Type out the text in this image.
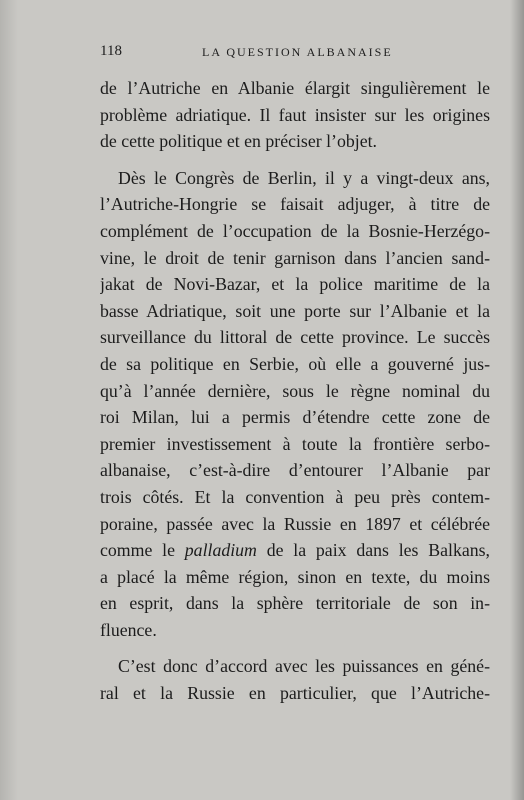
118	LA QUESTION ALBANAISE

de l’Autriche en Albanie élargit singulièrement le
problème adriatique. Il faut insister sur les origines
de cette politique et en préciser l’objet.

Dès le Congrès de Berlin, il y a vingt-deux ans,
l’Autriche-Hongrie se faisait adjuger, à titre de
complément de l’occupation de la Bosnie-Herzégo-
vine, le droit de tenir garnison dans l’ancien sand-
jakat de Novi-Bazar, et la police maritime de la
basse Adriatique, soit une porte sur l’Albanie et la
surveillance du littoral de cette province. Le succès
de sa politique en Serbie, où elle a gouverné jus-
qu’à l’année dernière, sous le règne nominal du
roi Milan, lui a permis d’étendre cette zone de
premier investissement à toute la frontière serbo-
albanaise, c’est-à-dire d’entourer l’Albanie par
trois côtés. Et la convention à peu près contem-
poraine, passée avec la Russie en 1897 et célébrée
comme le palladium de la paix dans les Balkans,
a placé la même région, sinon en texte, du moins
en esprit, dans la sphère territoriale de son in-
fluence.

C’est donc d’accord avec les puissances en géné-
ral et la Russie en particulier, que l’Autriche-
